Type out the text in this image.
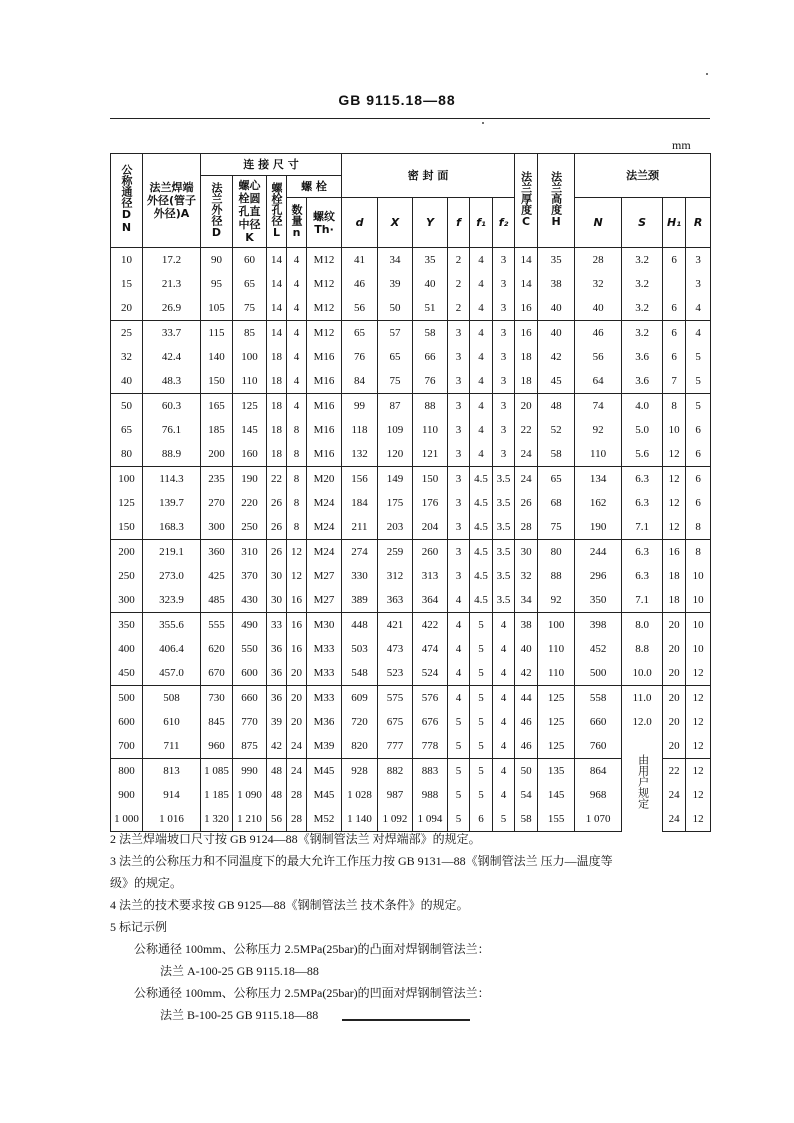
GB 9115.18—88
mm
公称通径DN	法兰焊端外径(管子外径)A	连 接 尺 寸					密 封 面						法兰厚度C	法兰高度H	法兰颈			
		法兰外径D	螺心栓圆孔直中径K	螺栓孔径L	螺 栓													
					数量n	螺纹Th·	d	X	Y	f	f₁	f₂			N	S	H₁	R
10	17.2	90	60	14	4	M12	41	34	35	2	4	3	14	35	28	3.2	6	3
15	21.3	95	65	14	4	M12	46	39	40	2	4	3	14	38	32	3.2		3
20	26.9	105	75	14	4	M12	56	50	51	2	4	3	16	40	40	3.2	6	4
25	33.7	115	85	14	4	M12	65	57	58	3	4	3	16	40	46	3.2	6	4
32	42.4	140	100	18	4	M16	76	65	66	3	4	3	18	42	56	3.6	6	5
40	48.3	150	110	18	4	M16	84	75	76	3	4	3	18	45	64	3.6	7	5
50	60.3	165	125	18	4	M16	99	87	88	3	4	3	20	48	74	4.0	8	5
65	76.1	185	145	18	8	M16	118	109	110	3	4	3	22	52	92	5.0	10	6
80	88.9	200	160	18	8	M16	132	120	121	3	4	3	24	58	110	5.6	12	6
100	114.3	235	190	22	8	M20	156	149	150	3	4.5	3.5	24	65	134	6.3	12	6
125	139.7	270	220	26	8	M24	184	175	176	3	4.5	3.5	26	68	162	6.3	12	6
150	168.3	300	250	26	8	M24	211	203	204	3	4.5	3.5	28	75	190	7.1	12	8
200	219.1	360	310	26	12	M24	274	259	260	3	4.5	3.5	30	80	244	6.3	16	8
250	273.0	425	370	30	12	M27	330	312	313	3	4.5	3.5	32	88	296	6.3	18	10
300	323.9	485	430	30	16	M27	389	363	364	4	4.5	3.5	34	92	350	7.1	18	10
350	355.6	555	490	33	16	M30	448	421	422	4	5	4	38	100	398	8.0	20	10
400	406.4	620	550	36	16	M33	503	473	474	4	5	4	40	110	452	8.8	20	10
450	457.0	670	600	36	20	M33	548	523	524	4	5	4	42	110	500	10.0	20	12
500	508	730	660	36	20	M33	609	575	576	4	5	4	44	125	558	11.0	20	12
600	610	845	770	39	20	M36	720	675	676	5	5	4	46	125	660	12.0	20	12
700	711	960	875	42	24	M39	820	777	778	5	5	4	46	125	760	由用户规定	20	12
800	813	1 085	990	48	24	M45	928	882	883	5	5	4	50	135	864		22	12
900	914	1 185	1 090	48	28	M45	1 028	987	988	5	5	4	54	145	968		24	12
1 000	1 016	1 320	1 210	56	28	M52	1 140	1 092	1 094	5	6	5	58	155	1 070		24	12

2 法兰焊端坡口尺寸按 GB 9124—88《钢制管法兰 对焊端部》的规定。

3 法兰的公称压力和不同温度下的最大允许工作压力按 GB 9131—88《钢制管法兰 压力—温度等

级》的规定。

4 法兰的技术要求按 GB 9125—88《钢制管法兰 技术条件》的规定。

5 标记示例

公称通径 100mm、公称压力 2.5MPa(25bar)的凸面对焊钢制管法兰：

法兰 A-100-25 GB 9115.18—88

公称通径 100mm、公称压力 2.5MPa(25bar)的凹面对焊钢制管法兰：

法兰 B-100-25 GB 9115.18—88
